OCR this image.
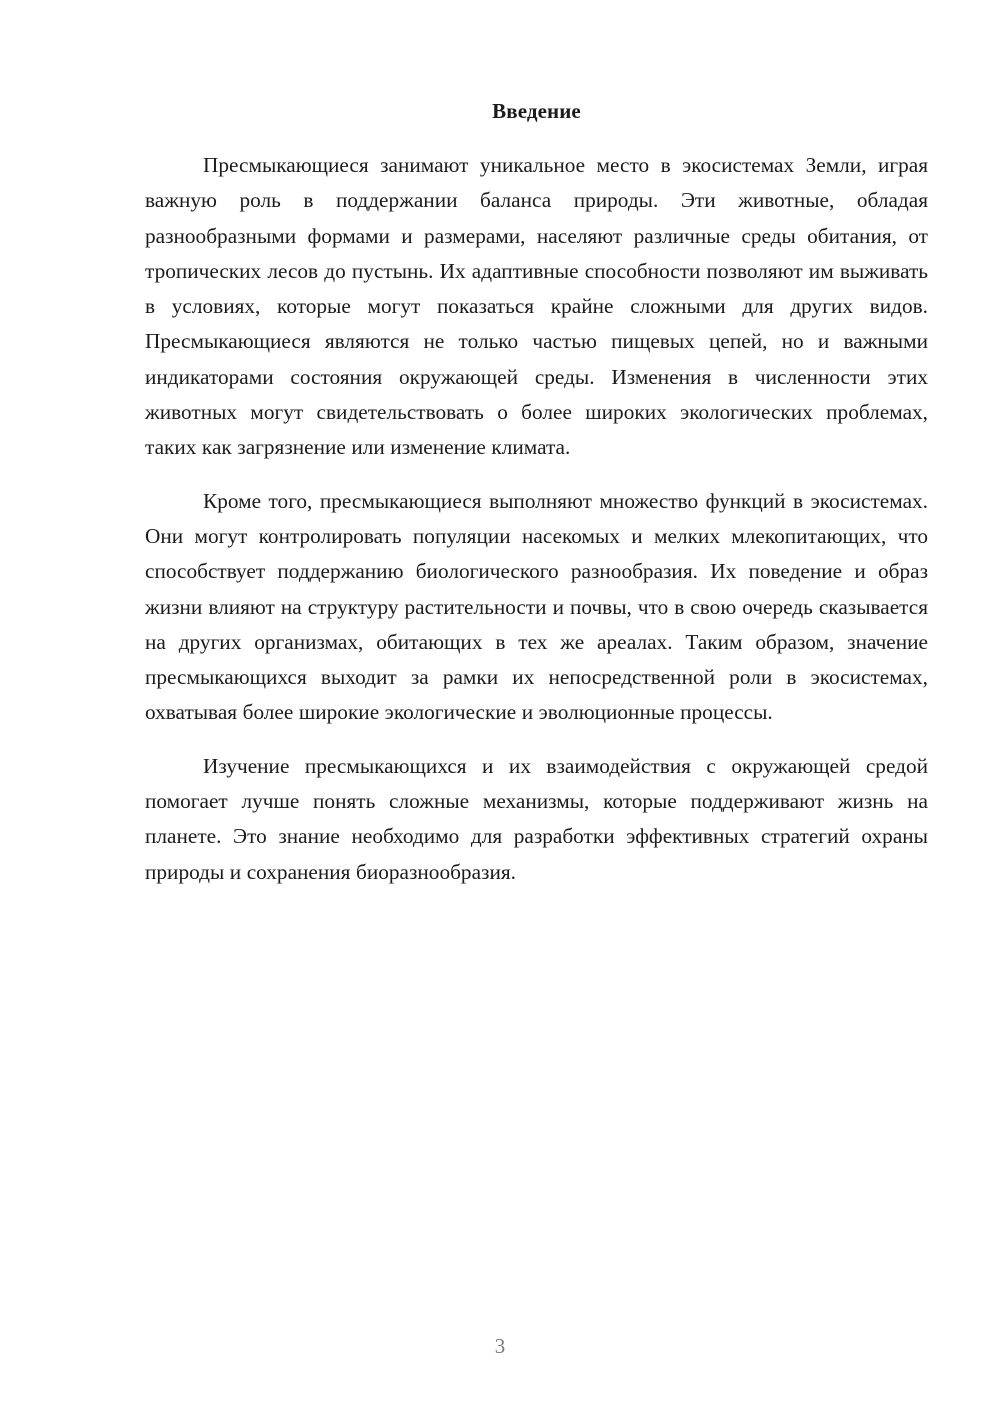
Введение

Пресмыкающиеся занимают уникальное место в экосистемах Земли, играя важную роль в поддержании баланса природы. Эти животные, обладая разнообразными формами и размерами, населяют различные среды обитания, от тропических лесов до пустынь. Их адаптивные способности позволяют им выживать в условиях, которые могут показаться крайне сложными для других видов. Пресмыкающиеся являются не только частью пищевых цепей, но и важными индикаторами состояния окружающей среды. Изменения в численности этих животных могут свидетельствовать о более широких экологических проблемах, таких как загрязнение или изменение климата.

Кроме того, пресмыкающиеся выполняют множество функций в экосистемах. Они могут контролировать популяции насекомых и мелких млекопитающих, что способствует поддержанию биологического разнообразия. Их поведение и образ жизни влияют на структуру растительности и почвы, что в свою очередь сказывается на других организмах, обитающих в тех же ареалах. Таким образом, значение пресмыкающихся выходит за рамки их непосредственной роли в экосистемах, охватывая более широкие экологические и эволюционные процессы.

Изучение пресмыкающихся и их взаимодействия с окружающей средой помогает лучше понять сложные механизмы, которые поддерживают жизнь на планете. Это знание необходимо для разработки эффективных стратегий охраны природы и сохранения биоразнообразия.

3
